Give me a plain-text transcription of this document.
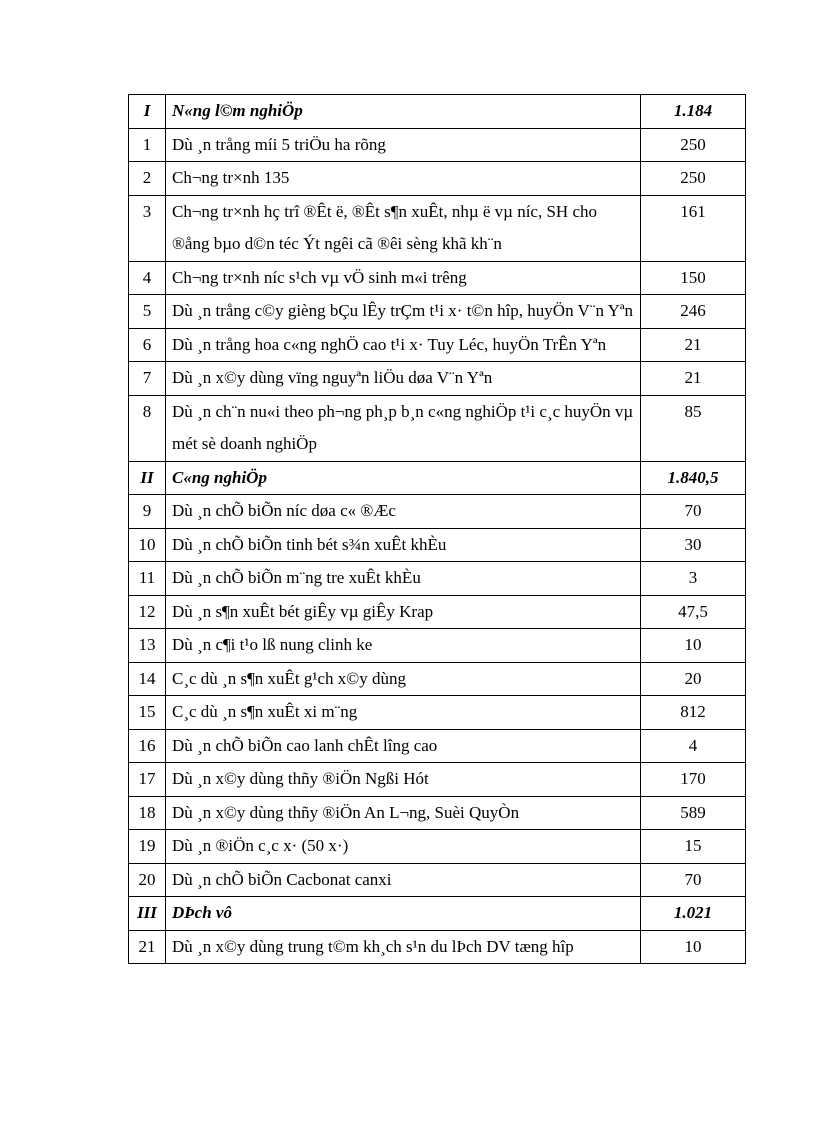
I	N«ng l©m nghiÖp	1.184
1	Dù ¸n trång míi 5 triÖu ha rõng	250
2	Ch¬ng tr×nh 135	250
3	Ch¬ng tr×nh hç trî ®Êt ë, ®Êt s¶n xuÊt, nhµ ë vµ níc, SH cho ®ång bµo d©n téc Ýt ngêi cã ®êi sèng khã kh¨n	161
4	Ch¬ng tr×nh níc s¹ch vµ vÖ sinh m«i trêng	150
5	Dù ¸n trång c©y gièng bÇu lÊy trÇm t¹i x· t©n hîp, huyÖn V¨n Yªn	246
6	Dù ¸n trång hoa c«ng nghÖ cao t¹i x· Tuy Léc, huyÖn TrÊn Yªn	21
7	Dù ¸n x©y dùng vïng nguyªn liÖu døa V¨n Yªn	21
8	Dù ¸n ch¨n nu«i theo ph¬ng ph¸p b¸n c«ng nghiÖp t¹i c¸c huyÖn vµ mét sè doanh nghiÖp	85
II	C«ng nghiÖp	1.840,5
9	Dù ¸n chÕ biÕn níc døa c« ®Æc	70
10	Dù ¸n chÕ biÕn tinh bét s¾n xuÊt khÈu	30
11	Dù ¸n chÕ biÕn m¨ng tre xuÊt khÈu	3
12	Dù ¸n s¶n xuÊt bét giÊy vµ giÊy Krap	47,5
13	Dù ¸n c¶i t¹o lß nung clinh ke	10
14	C¸c dù ¸n s¶n xuÊt g¹ch x©y dùng	20
15	C¸c dù ¸n s¶n xuÊt xi m¨ng	812
16	Dù ¸n chÕ biÕn cao lanh chÊt lîng cao	4
17	Dù ¸n x©y dùng thñy ®iÖn Ngßi Hót	170
18	Dù ¸n x©y dùng thñy ®iÖn An L¬ng, Suèi QuyÒn	589
19	Dù ¸n ®iÖn c¸c x· (50 x·)	15
20	Dù ¸n chÕ biÕn Cacbonat canxi	70
III	DÞch vô	1.021
21	Dù ¸n x©y dùng trung t©m kh¸ch s¹n du lÞch DV tæng hîp	10
